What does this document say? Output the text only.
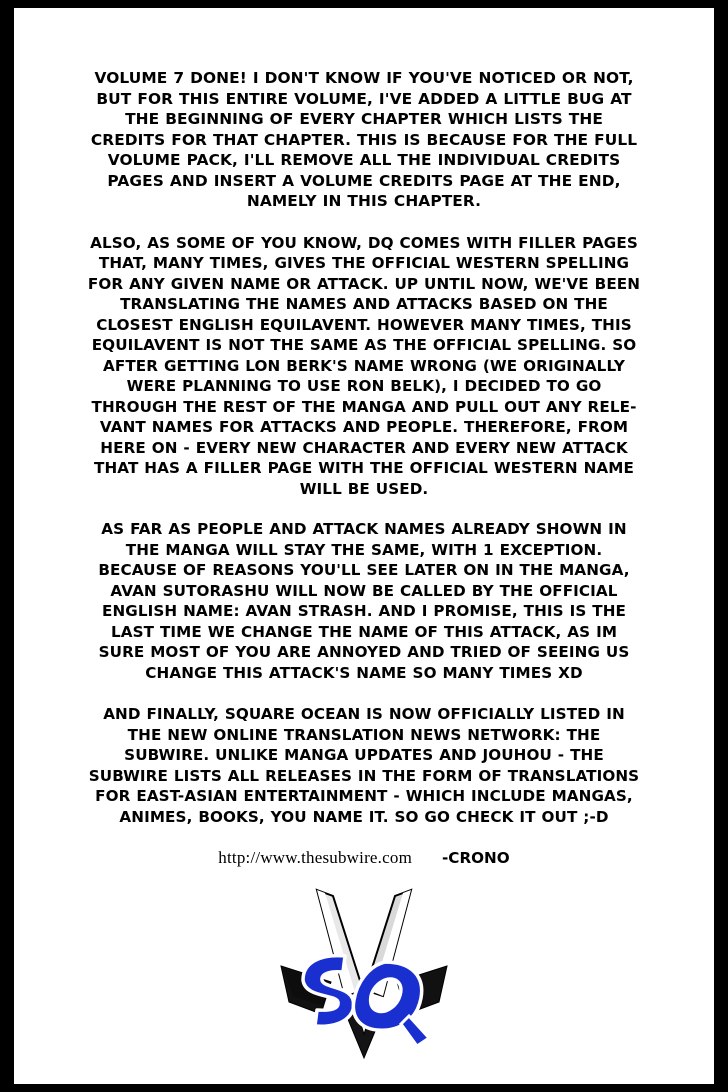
VOLUME 7 DONE! I DON'T KNOW IF YOU'VE NOTICED OR NOT, BUT FOR THIS ENTIRE VOLUME, I'VE ADDED A LITTLE BUG AT THE BEGINNING OF EVERY CHAPTER WHICH LISTS THE CREDITS FOR THAT CHAPTER. THIS IS BECAUSE FOR THE FULL VOLUME PACK, I'LL REMOVE ALL THE INDIVIDUAL CREDITS PAGES AND INSERT A VOLUME CREDITS PAGE AT THE END, NAMELY IN THIS CHAPTER.

ALSO, AS SOME OF YOU KNOW, DQ COMES WITH FILLER PAGES THAT, MANY TIMES, GIVES THE OFFICIAL WESTERN SPELLING FOR ANY GIVEN NAME OR ATTACK. UP UNTIL NOW, WE'VE BEEN TRANSLATING THE NAMES AND ATTACKS BASED ON THE CLOSEST ENGLISH EQUILAVENT. HOWEVER MANY TIMES, THIS EQUILAVENT IS NOT THE SAME AS THE OFFICIAL SPELLING. SO AFTER GETTING LON BERK'S NAME WRONG (WE ORIGINALLY WERE PLANNING TO USE RON BELK), I DECIDED TO GO THROUGH THE REST OF THE MANGA AND PULL OUT ANY RELE-VANT NAMES FOR ATTACKS AND PEOPLE. THEREFORE, FROM HERE ON - EVERY NEW CHARACTER AND EVERY NEW ATTACK THAT HAS A FILLER PAGE WITH THE OFFICIAL WESTERN NAME WILL BE USED.

AS FAR AS PEOPLE AND ATTACK NAMES ALREADY SHOWN IN THE MANGA WILL STAY THE SAME, WITH 1 EXCEPTION. BECAUSE OF REASONS YOU'LL SEE LATER ON IN THE MANGA, AVAN SUTORASHU WILL NOW BE CALLED BY THE OFFICIAL ENGLISH NAME: AVAN STRASH. AND I PROMISE, THIS IS THE LAST TIME WE CHANGE THE NAME OF THIS ATTACK, AS IM SURE MOST OF YOU ARE ANNOYED AND TRIED OF SEEING US CHANGE THIS ATTACK'S NAME SO MANY TIMES XD

AND FINALLY, SQUARE OCEAN IS NOW OFFICIALLY LISTED IN THE NEW ONLINE TRANSLATION NEWS NETWORK: THE SUBWIRE. UNLIKE MANGA UPDATES AND JOUHOU - THE SUBWIRE LISTS ALL RELEASES IN THE FORM OF TRANSLATIONS FOR EAST-ASIAN ENTERTAINMENT - WHICH INCLUDE MANGAS, ANIMES, BOOKS, YOU NAME IT. SO GO CHECK IT OUT ;-D

http://www.thesubwire.com -CRONO
